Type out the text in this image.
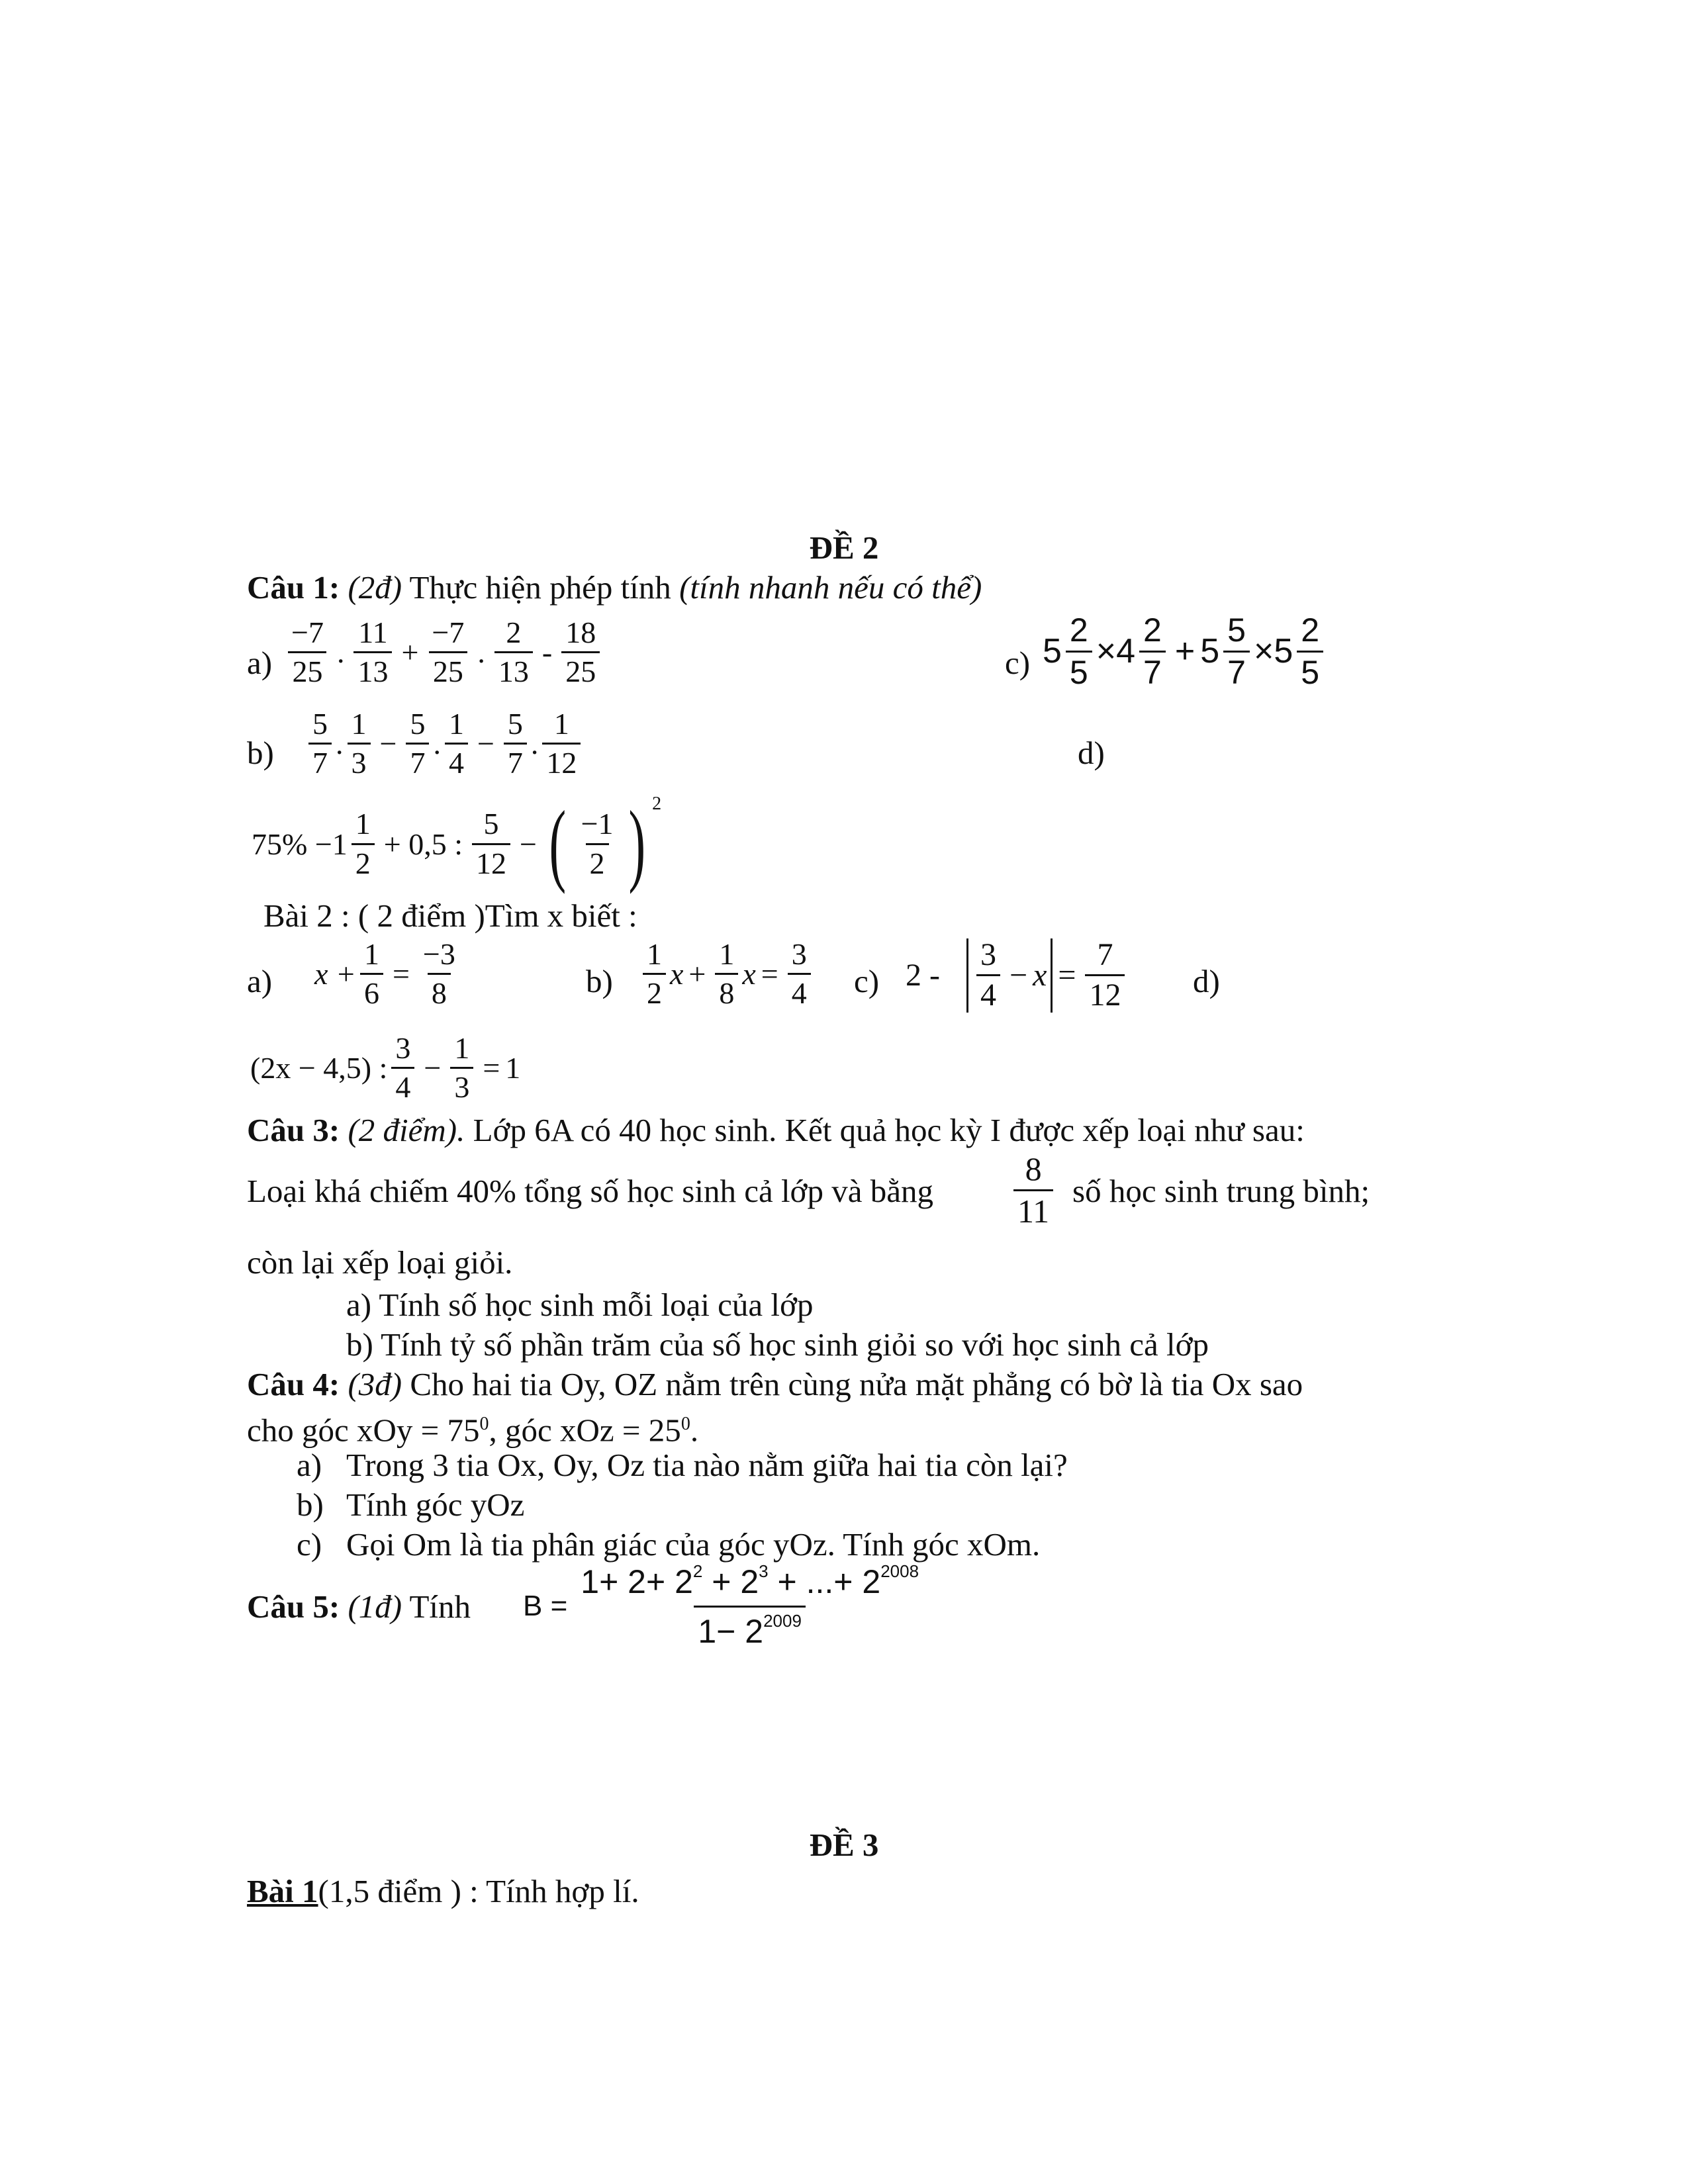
ĐỀ 2
Câu 1: (2đ) Thực hiện phép tính (tính nhanh nếu có thể)
a)
−7
25
.
11
13
+ $\frac{-7}{25}$ .
2
13
-
18
25	c) $5 \frac{2}{5} \times 4$
2
7
+ $5 \frac{5}{7} \times 5$
2
5
b)
5
7
.
1
3
− $\frac{5}{7}$ .
1
4
− $\frac{5}{7}$ .
1
12	d)
75% −1
1
2
+ 0,5 :
5
12
− ( −1
2 ) $^2$
Bài 2 : ( 2 điểm )Tìm x biết :
a) $x + \frac{1}{6} = \frac{-3}{8}$	b)
1
2
$x + \frac{1}{8}$ $x = \frac{3}{4} c$) 2 -
3
4
− $x = \frac{7}{12} d$)
(2x − 4,5) :
3
4
− $\frac{1}{3} = 1$
Câu 3: (2 điểm). Lớp 6A có 40 học sinh. Kết quả học kỳ I được xếp loại như sau:
Loại khá chiếm 40% tổng số học sinh cả lớp và bằng
8
11
số học sinh trung bình;
còn lại xếp loại giỏi.
a) Tính số học sinh mỗi loại của lớp
b) Tính tỷ số phần trăm của số học sinh giỏi so với học sinh cả lớp
Câu 4: (3đ) Cho hai tia Oy, OZ nằm trên cùng nửa mặt phẳng có bờ là tia Ox sao
cho góc xOy = $75^0$, góc xOz = $25^0$.
a) Trong 3 tia Ox, Oy, Oz tia nào nằm giữa hai tia còn lại?
b) Tính góc yOz
c) Gọi Om là tia phân giác của góc yOz. Tính góc xOm.
Câu 5: (1đ) Tính $B = \frac{1+ 2+ 2^2 + 2^3 + ...+ 2^{2008}}{1- 2^{2009}}$
ĐỀ 3
Bài 1(1,5 điểm ) : Tính hợp lí.
